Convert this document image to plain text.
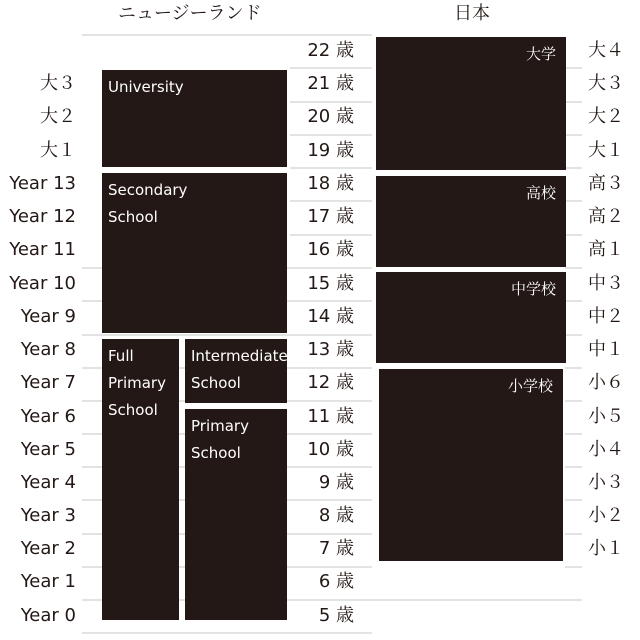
ニュージーランド	日本
大３
大２
大１
Year 13
Year 12
Year 11
Year 10
Year 9
Year 8
Year 7
Year 6
Year 5
Year 4
Year 3
Year 2
Year 1
Year 0
22 歳
21 歳
20 歳
19 歳
18 歳
17 歳
16 歳
15 歳
14 歳
13 歳
12 歳
11 歳
10 歳
9 歳
8 歳
7 歳
6 歳
5 歳
大４
大３
大２
大１
高３
高２
高１
中３
中２
中１
小６
小５
小４
小３
小２
小１
University
Secondary
School
Full
Primary
School
Intermediate
School
Primary
School
大学
高校
中学校
小学校
